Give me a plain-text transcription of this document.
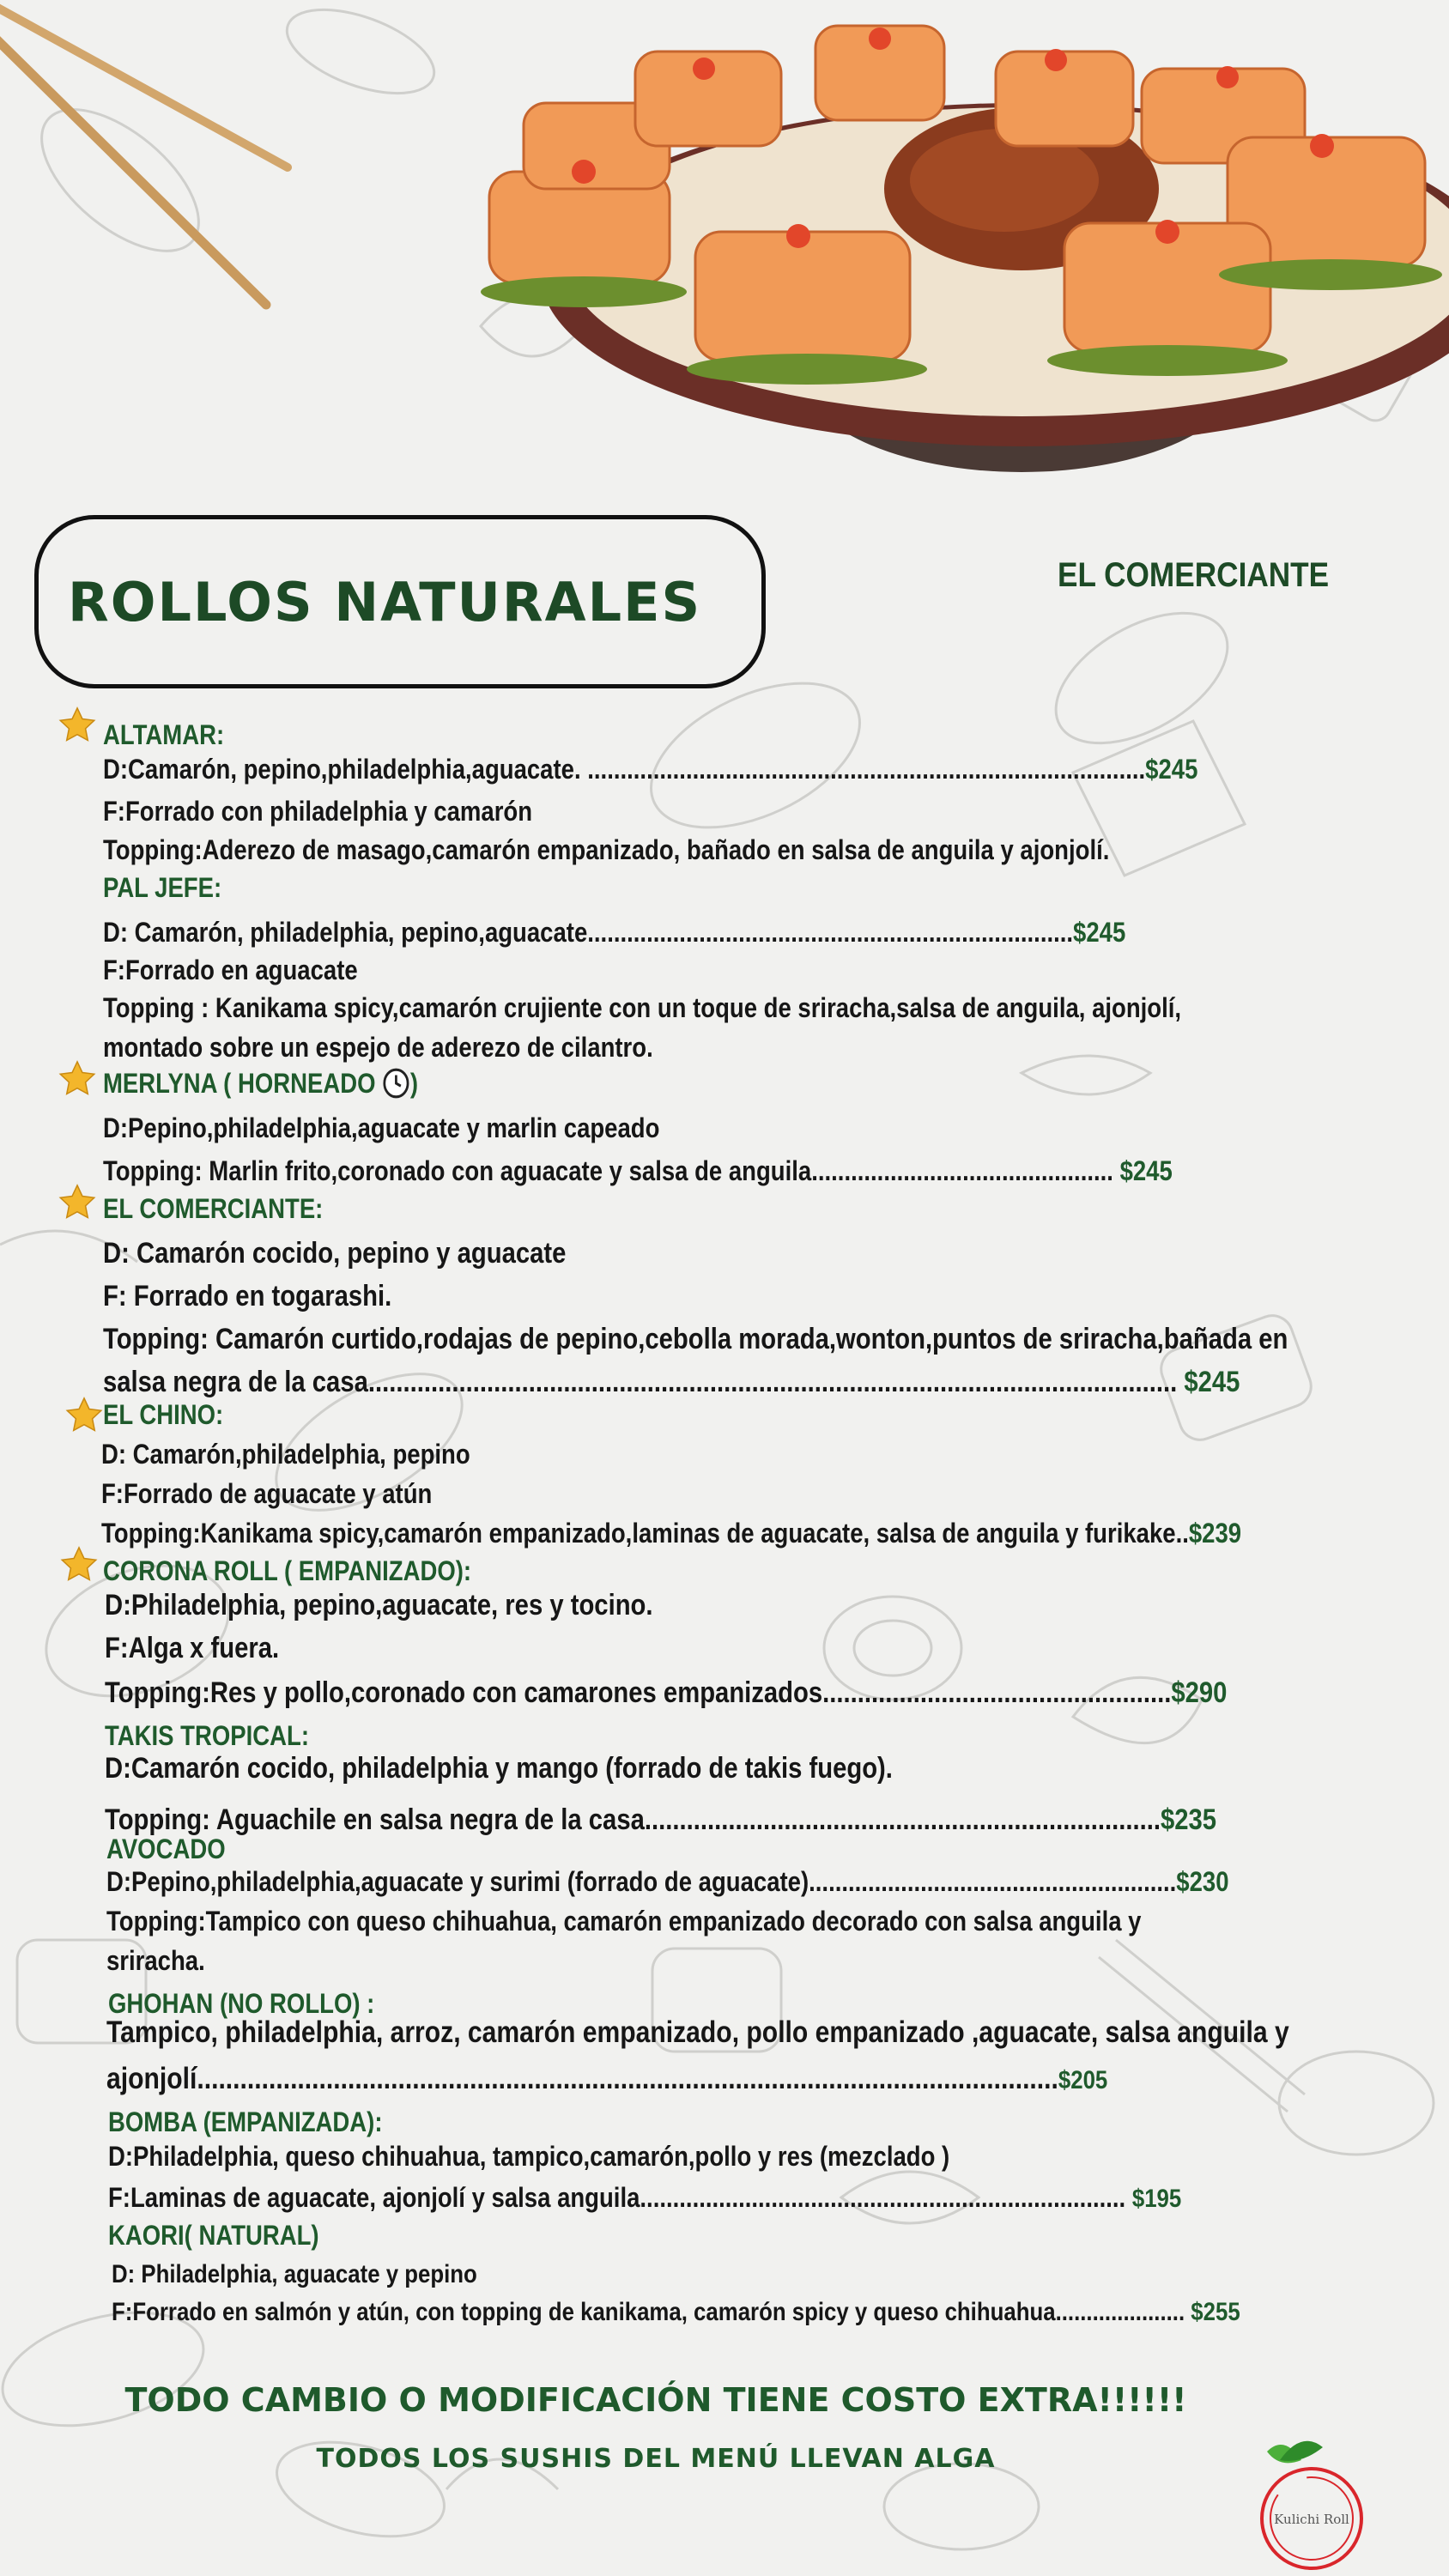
ROLLOS NATURALES	EL COMERCIANTE
ALTAMAR:
D:Camarón, pepino,philadelphia,aguacate. .....................................................................................$245
F:Forrado con philadelphia y camarón
Topping:Aderezo de masago,camarón empanizado, bañado en salsa de anguila y ajonjolí.
PAL JEFE:
D: Camarón, philadelphia, pepino,aguacate..........................................................................$245
F:Forrado en aguacate
Topping : Kanikama spicy,camarón crujiente con un toque de sriracha,salsa de anguila, ajonjolí,
montado sobre un espejo de aderezo de cilantro.
MERLYNA ( HORNEADO )
D:Pepino,philadelphia,aguacate y marlin capeado
Topping: Marlin frito,coronado con aguacate y salsa de anguila.............................................. $245
EL COMERCIANTE:
D: Camarón cocido, pepino y aguacate
F: Forrado en togarashi.
Topping: Camarón curtido,rodajas de pepino,cebolla morada,wonton,puntos de sriracha,bañada en
salsa negra de la casa.................................................................................................................... $245
EL CHINO:
D: Camarón,philadelphia, pepino
F:Forrado de aguacate y atún
Topping:Kanikama spicy,camarón empanizado,laminas de aguacate, salsa de anguila y furikake..$239
CORONA ROLL ( EMPANIZADO):
D:Philadelphia, pepino,aguacate, res y tocino.
F:Alga x fuera.
Topping:Res y pollo,coronado con camarones empanizados..................................................$290
TAKIS TROPICAL:
D:Camarón cocido, philadelphia y mango (forrado de takis fuego).
Topping: Aguachile en salsa negra de la casa..........................................................................$235
AVOCADO
D:Pepino,philadelphia,aguacate y surimi (forrado de aguacate)........................................................$230
Topping:Tampico con queso chihuahua, camarón empanizado decorado con salsa anguila y
sriracha.
GHOHAN (NO ROLLO) :
Tampico, philadelphia, arroz, camarón empanizado, pollo empanizado ,aguacate, salsa anguila y
ajonjolí........................................................................................................................$205
BOMBA (EMPANIZADA):
D:Philadelphia, queso chihuahua, tampico,camarón,pollo y res (mezclado )
F:Laminas de aguacate, ajonjolí y salsa anguila.......................................................................... $195
KAORI( NATURAL)
D: Philadelphia, aguacate y pepino
F:Forrado en salmón y atún, con topping de kanikama, camarón spicy y queso chihuahua..................... $255
TODO CAMBIO O MODIFICACIÓN TIENE COSTO EXTRA!!!!!!
TODOS LOS SUSHIS DEL MENÚ LLEVAN ALGA
Kulichi Roll
